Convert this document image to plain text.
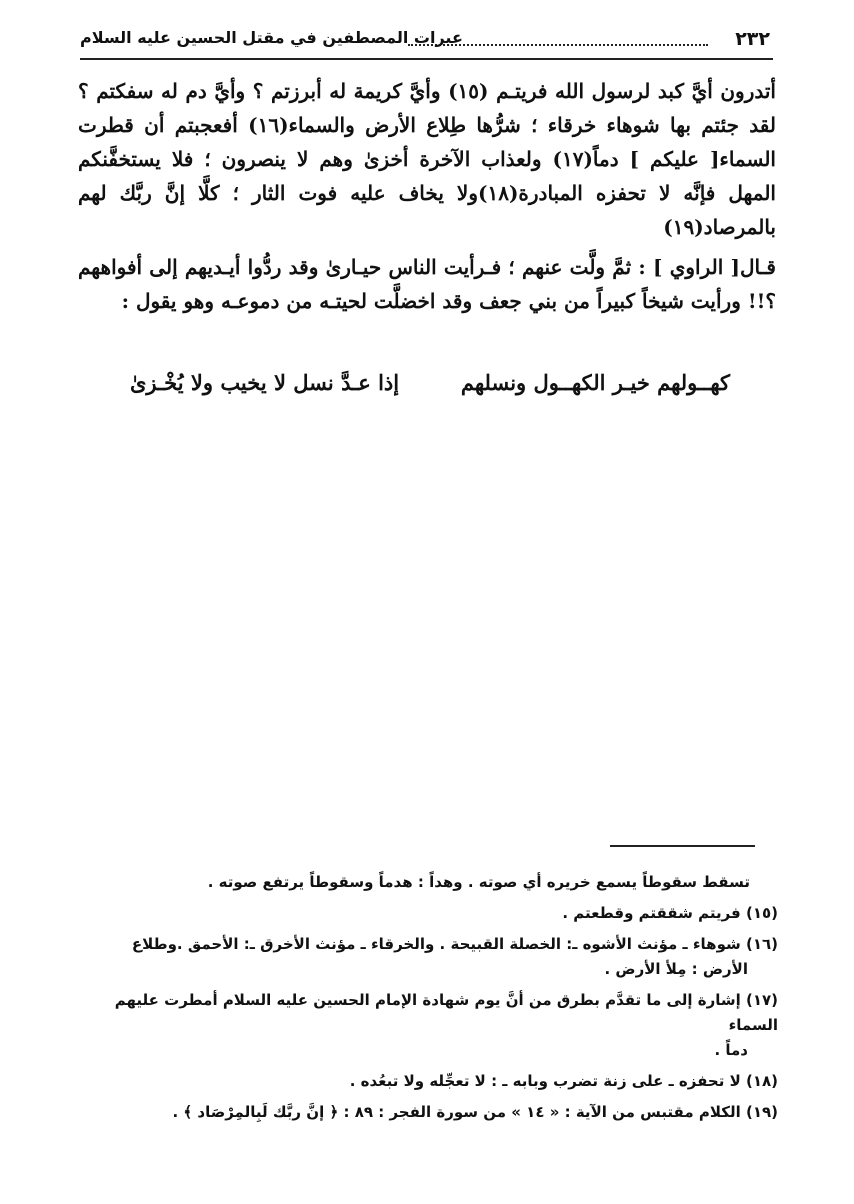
٢٣٢
عبرات المصطفين في مقتل الحسين عليه السلام

أتدرون أيَّ كبد لرسول الله فريتـم (١٥) وأيَّ كريمة له أبرزتم ؟ وأيَّ دم له سفكتم ؟ لقد جئتم بها شوهاء خرقاء ؛ شرُّها طِلاع الأرض والسماء(١٦) أفعجبتم أن قطرت السماء[ عليكم ] دماً(١٧) ولعذاب الآخرة أخزىٰ وهم لا ينصرون ؛ فلا يستخفَّنكم المهل فإنَّه لا تحفزه المبادرة(١٨)ولا يخاف عليه فوت الثار ؛ كلَّا إنَّ ربَّك لهم بالمرصاد(١٩)

قـال[ الراوي ] : ثمَّ ولَّت عنهم ؛ فـرأيت الناس حيـارىٰ وقد ردُّوا أيـديهم إلى أفواههم ؟!! ورأيت شيخاً كبيراً من بني جعف وقد اخضلَّت لحيتـه من دموعـه وهو يقول :

كهــولهم خيـر الكهــول ونسلهم
إذا عـدَّ نسل لا يخيب ولا يُخْـزىٰ
تسقط سقوطاً يسمع خريره أي صوته . وهداً : هدماً وسقوطاً يرتفع صوته .
(١٥) فريتم شققتم وقطعتم .
(١٦) شوهاء ـ مؤنث الأشوه ـ: الخصلة القبيحة . والخرقاء ـ مؤنث الأخرق ـ: الأحمق .وطلاع
الأرض : مِلأ الأرض .
(١٧) إشارة إلى ما تقدَّم بطرق من أنَّ يوم شهادة الإمام الحسين عليه السلام أمطرت عليهم السماء
دماً .
(١٨) لا تحفزه ـ على زنة تضرب وبابه ـ : لا تعجِّله ولا تبعُده .
(١٩) الكلام مقتبس من الآية : « ١٤ » من سورة الفجر : ٨٩ : ﴿ إنَّ ربَّك لَبِالمِرْصَاد ﴾ .
